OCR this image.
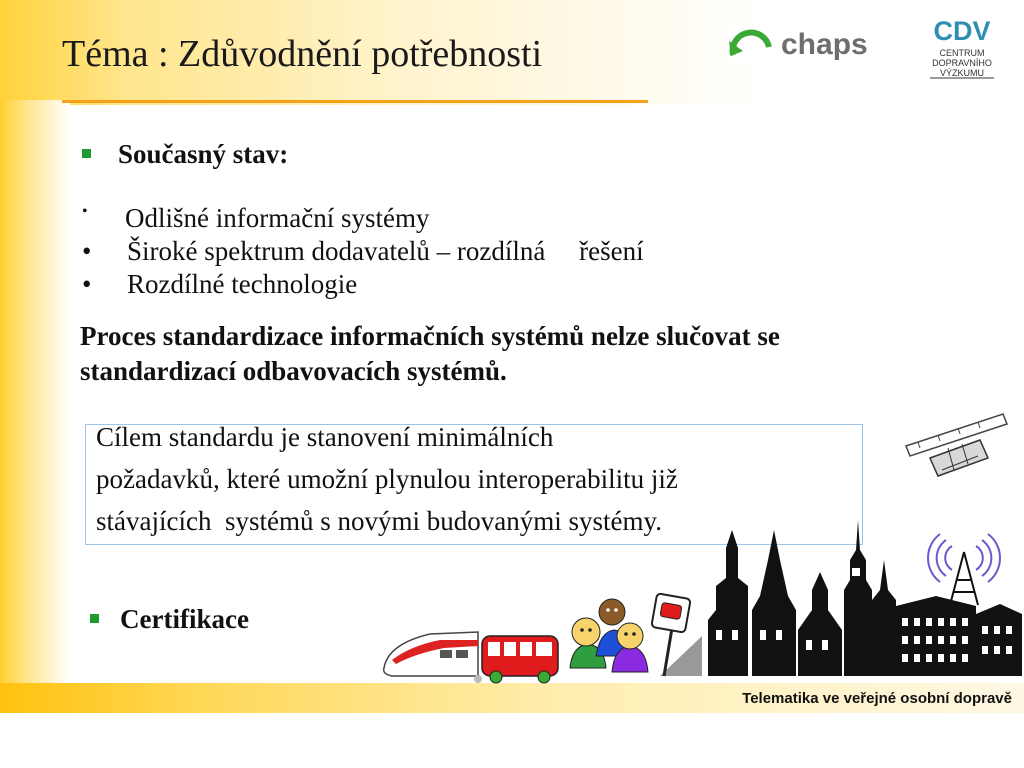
Téma : Zdůvodnění potřebnosti	chaps CDV
CENTRUM
DOPRAVNÍHO
VÝZKUMU
Současný stav:
• Odlišné informační systémy
• Široké spektrum dodavatelů – rozdílná     řešení
• Rozdílné technologie
Proces standardizace informačních systémů nelze slučovat se
standardizací odbavovacích systémů.
Cílem standardu je stanovení minimálních
požadavků, které umožní plynulou interoperabilitu již
stávajících  systémů s novými budovanými systémy.
Certifikace
Telematika ve veřejné osobní dopravě
